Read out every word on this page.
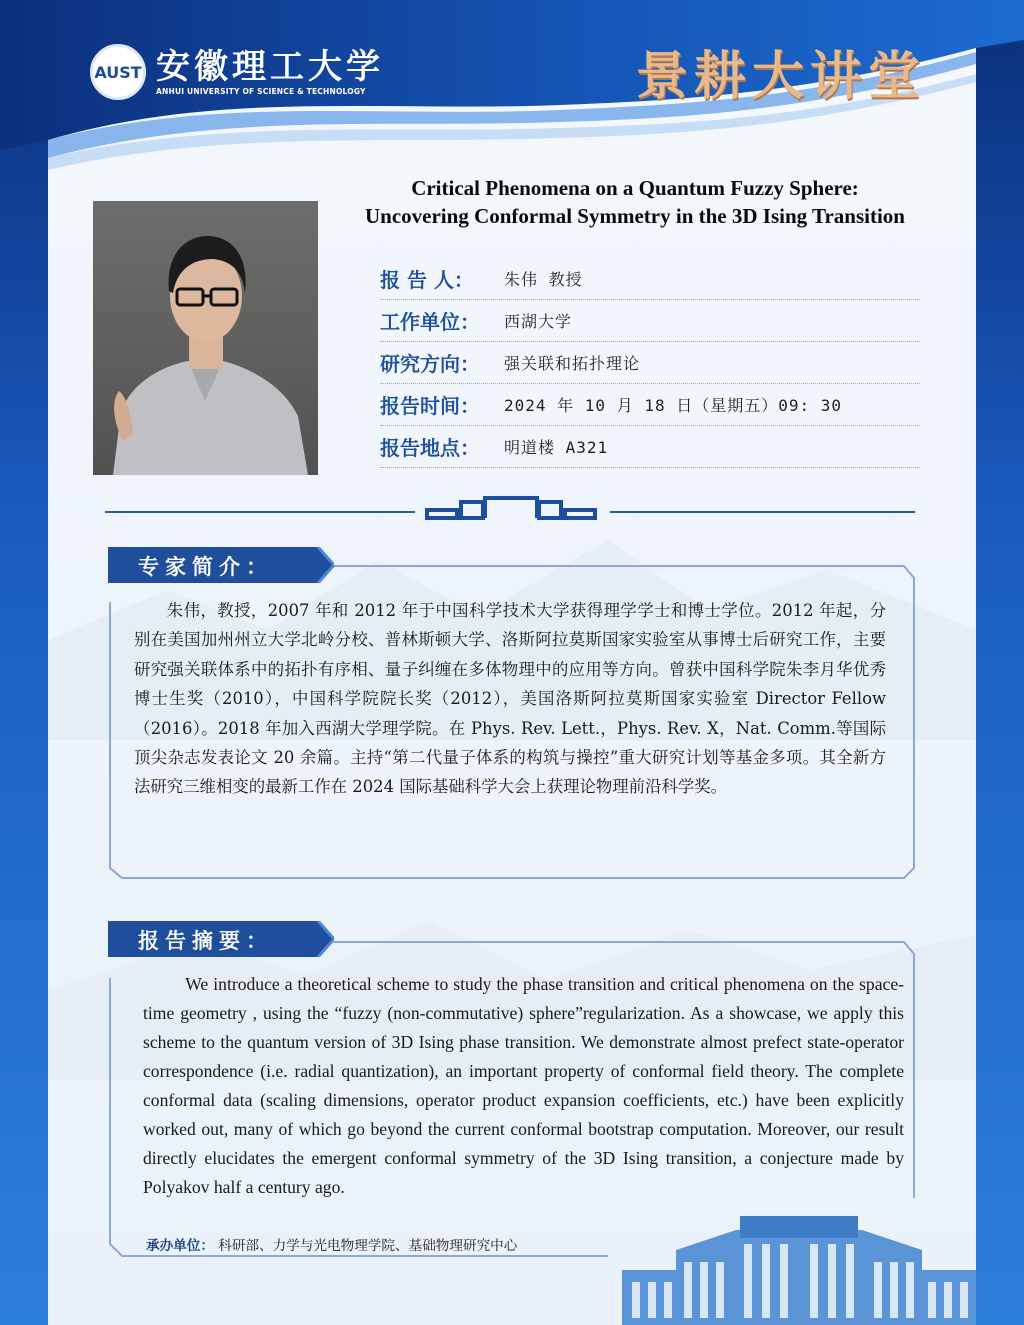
AUST 安徽理工大学
ANHUI UNIVERSITY OF SCIENCE & TECHNOLOGY	景耕大讲堂
Critical Phenomena on a Quantum Fuzzy Sphere:
Uncovering Conformal Symmetry in the 3D Ising Transition
报 告 人：	朱伟 教授
工作单位：	西湖大学
研究方向：	强关联和拓扑理论
报告时间：	2024 年 10 月 18 日（星期五）09: 30
报告地点：	明道楼 A321
专家简介：
朱伟，教授，2007 年和 2012 年于中国科学技术大学获得理学学士和博士学位。2012 年起，分别在美国加州州立大学北岭分校、普林斯顿大学、洛斯阿拉莫斯国家实验室从事博士后研究工作，主要研究强关联体系中的拓扑有序相、量子纠缠在多体物理中的应用等方向。曾获中国科学院朱李月华优秀博士生奖（2010），中国科学院院长奖（2012），美国洛斯阿拉莫斯国家实验室 Director Fellow（2016）。2018 年加入西湖大学理学院。在 Phys. Rev. Lett.，Phys. Rev. X，Nat. Comm.等国际顶尖杂志发表论文 20 余篇。主持“第二代量子体系的构筑与操控”重大研究计划等基金多项。其全新方法研究三维相变的最新工作在 2024 国际基础科学大会上获理论物理前沿科学奖。
报告摘要：
We introduce a theoretical scheme to study the phase transition and critical phenomena on the space-time geometry , using the “fuzzy (non-commutative) sphere”regularization. As a showcase, we apply this scheme to the quantum version of 3D Ising phase transition. We demonstrate almost prefect state-operator correspondence (i.e. radial quantization), an important property of conformal field theory. The complete conformal data (scaling dimensions, operator product expansion coefficients, etc.) have been explicitly worked out, many of which go beyond the current conformal bootstrap computation. Moreover, our result directly elucidates the emergent conformal symmetry of the 3D Ising transition, a conjecture made by Polyakov half a century ago.
承办单位： 科研部、力学与光电物理学院、基础物理研究中心
